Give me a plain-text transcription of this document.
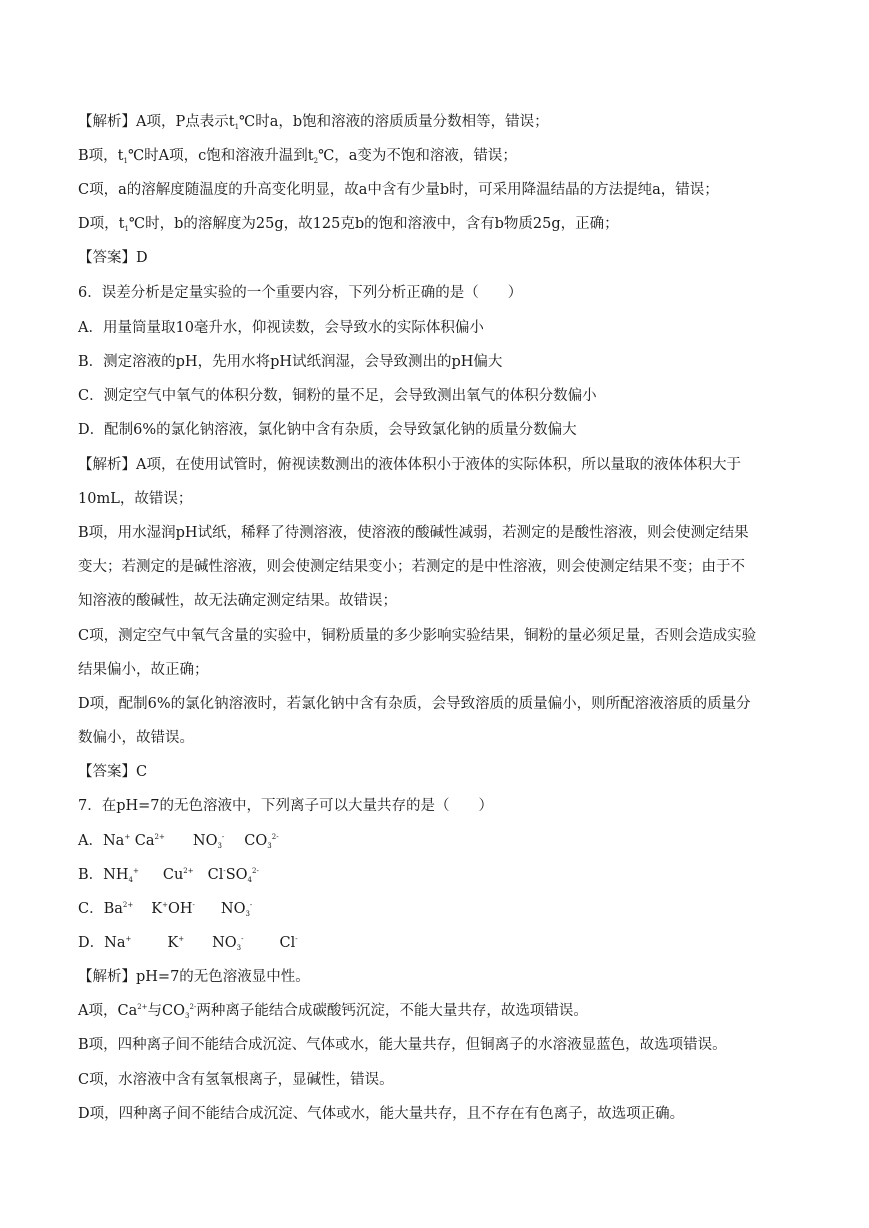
【解析】A项，P点表示$t_1℃$时a，b饱和溶液的溶质质量分数相等，错误；
B项，$t_1℃$时A项，c饱和溶液升温到$t_2℃$，a变为不饱和溶液，错误；
C项，a的溶解度随温度的升高变化明显，故a中含有少量b时，可采用降温结晶的方法提纯a，错误；
D项，$t_1℃$时，b的溶解度为25g，故125克b的饱和溶液中，含有b物质25g，正确；
【答案】D
6．误差分析是定量实验的一个重要内容，下列分析正确的是（　　）
A．用量筒量取10毫升水，仰视读数，会导致水的实际体积偏小
B．测定溶液的pH，先用水将pH试纸润湿，会导致测出的pH偏大
C．测定空气中氧气的体积分数，铜粉的量不足，会导致测出氧气的体积分数偏小
D．配制6%的氯化钠溶液，氯化钠中含有杂质，会导致氯化钠的质量分数偏大
【解析】A项，在使用试管时，俯视读数测出的液体体积小于液体的实际体积，所以量取的液体体积大于
10mL，故错误；
B项，用水湿润pH试纸，稀释了待测溶液，使溶液的酸碱性减弱，若测定的是酸性溶液，则会使测定结果
变大；若测定的是碱性溶液，则会使测定结果变小；若测定的是中性溶液，则会使测定结果不变；由于不
知溶液的酸碱性，故无法确定测定结果。故错误；
C项，测定空气中氧气含量的实验中，铜粉质量的多少影响实验结果，铜粉的量必须足量，否则会造成实验
结果偏小，故正确；
D项，配制6%的氯化钠溶液时，若氯化钠中含有杂质，会导致溶质的质量偏小，则所配溶液溶质的质量分
数偏小，故错误。
【答案】C
7．在pH=7的无色溶液中，下列离子可以大量共存的是（　　）
A．Na+ $Ca^{2+}$ $NO_3^-$ $CO_3^{2-}$
B．$NH_4^+$ $Cu^{2+}$ $Cl^-SO_4^{2-}$
C．$Ba^{2+}$ K+OH- $NO_3^-$
D．Na+ K+ $NO_3^-$ Cl-
【解析】pH=7的无色溶液显中性。
A项，$Ca^{2+}$与$CO_3^{2-}$两种离子能结合成碳酸钙沉淀，不能大量共存，故选项错误。
B项，四种离子间不能结合成沉淀、气体或水，能大量共存，但铜离子的水溶液显蓝色，故选项错误。
C项，水溶液中含有氢氧根离子，显碱性，错误。
D项，四种离子间不能结合成沉淀、气体或水，能大量共存，且不存在有色离子，故选项正确。
